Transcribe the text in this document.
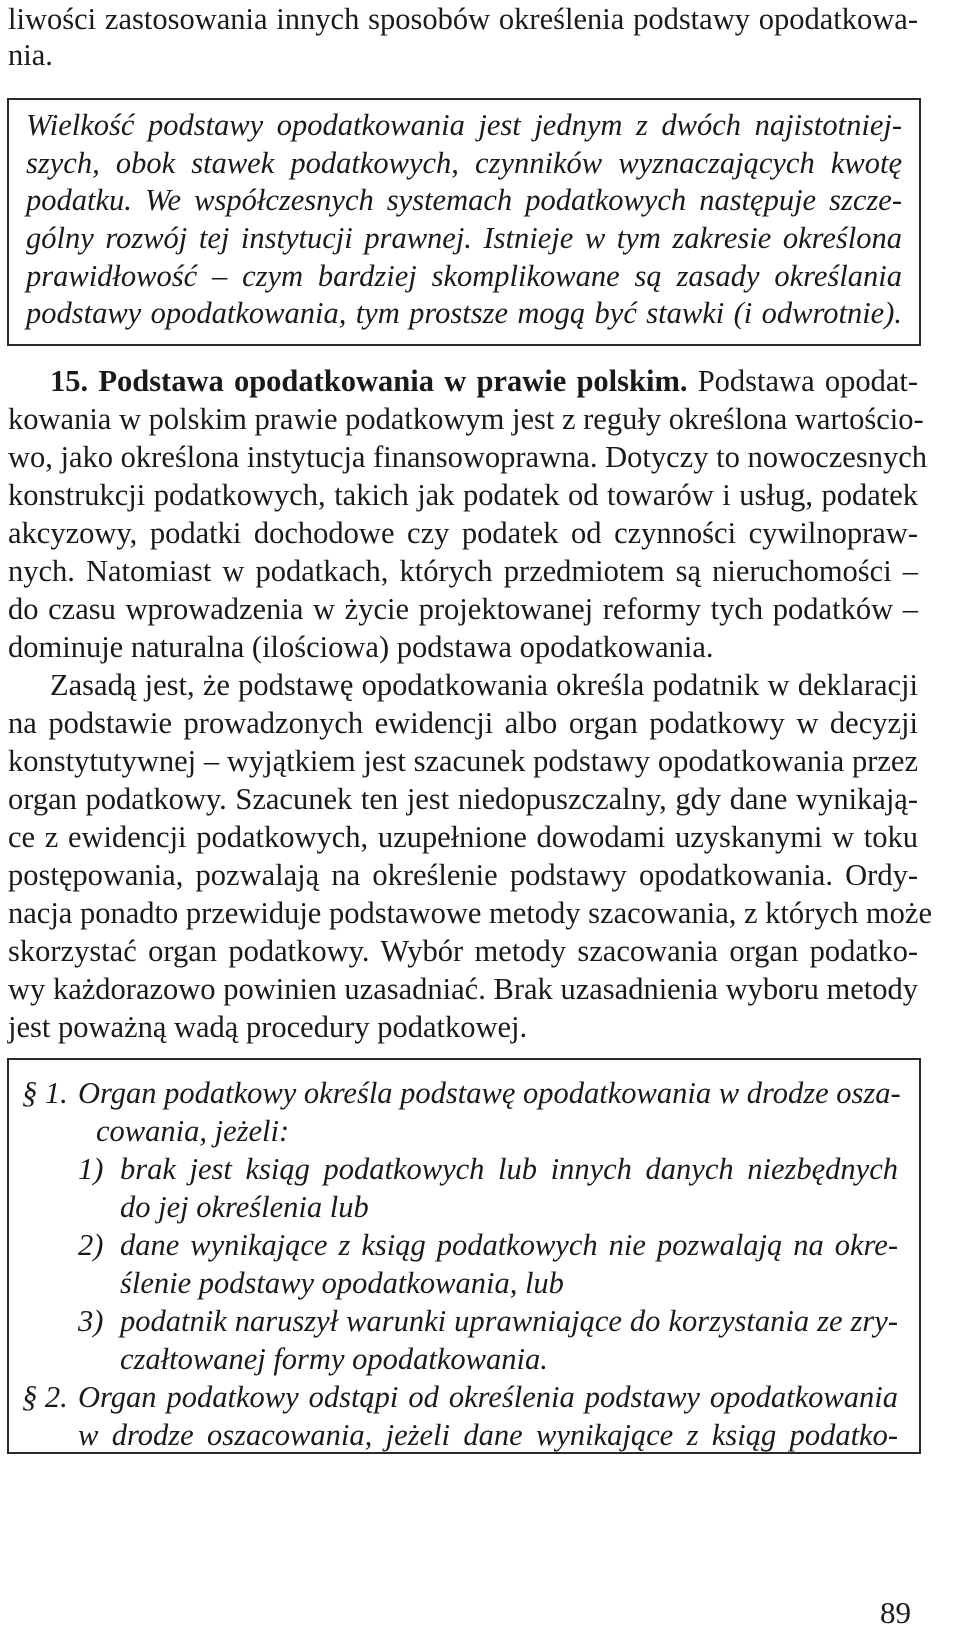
liwości zastosowania innych sposobów określenia podstawy opodatkowa-
nia.
Wielkość podstawy opodatkowania jest jednym z dwóch najistotniej-
szych, obok stawek podatkowych, czynników wyznaczających kwotę
podatku. We współczesnych systemach podatkowych następuje szcze-
gólny rozwój tej instytucji prawnej. Istnieje w tym zakresie określona
prawidłowość – czym bardziej skomplikowane są zasady określania
podstawy opodatkowania, tym prostsze mogą być stawki (i odwrotnie).
15. Podstawa opodatkowania w prawie polskim. Podstawa opodat-
kowania w polskim prawie podatkowym jest z reguły określona wartościo-
wo, jako określona instytucja finansowoprawna. Dotyczy to nowoczesnych
konstrukcji podatkowych, takich jak podatek od towarów i usług, podatek
akcyzowy, podatki dochodowe czy podatek od czynności cywilnopraw-
nych. Natomiast w podatkach, których przedmiotem są nieruchomości –
do czasu wprowadzenia w życie projektowanej reformy tych podatków –
dominuje naturalna (ilościowa) podstawa opodatkowania.
Zasadą jest, że podstawę opodatkowania określa podatnik w deklaracji
na podstawie prowadzonych ewidencji albo organ podatkowy w decyzji
konstytutywnej – wyjątkiem jest szacunek podstawy opodatkowania przez
organ podatkowy. Szacunek ten jest niedopuszczalny, gdy dane wynikają-
ce z ewidencji podatkowych, uzupełnione dowodami uzyskanymi w toku
postępowania, pozwalają na określenie podstawy opodatkowania. Ordy-
nacja ponadto przewiduje podstawowe metody szacowania, z których może
skorzystać organ podatkowy. Wybór metody szacowania organ podatko-
wy każdorazowo powinien uzasadniać. Brak uzasadnienia wyboru metody
jest poważną wadą procedury podatkowej.
§ 1. Organ podatkowy określa podstawę opodatkowania w drodze osza-
cowania, jeżeli:
1) brak jest ksiąg podatkowych lub innych danych niezbędnych
do jej określenia lub
2) dane wynikające z ksiąg podatkowych nie pozwalają na okre-
ślenie podstawy opodatkowania, lub
3) podatnik naruszył warunki uprawniające do korzystania ze zry-
czałtowanej formy opodatkowania.
§ 2. Organ podatkowy odstąpi od określenia podstawy opodatkowania
w drodze oszacowania, jeżeli dane wynikające z ksiąg podatko-
89
